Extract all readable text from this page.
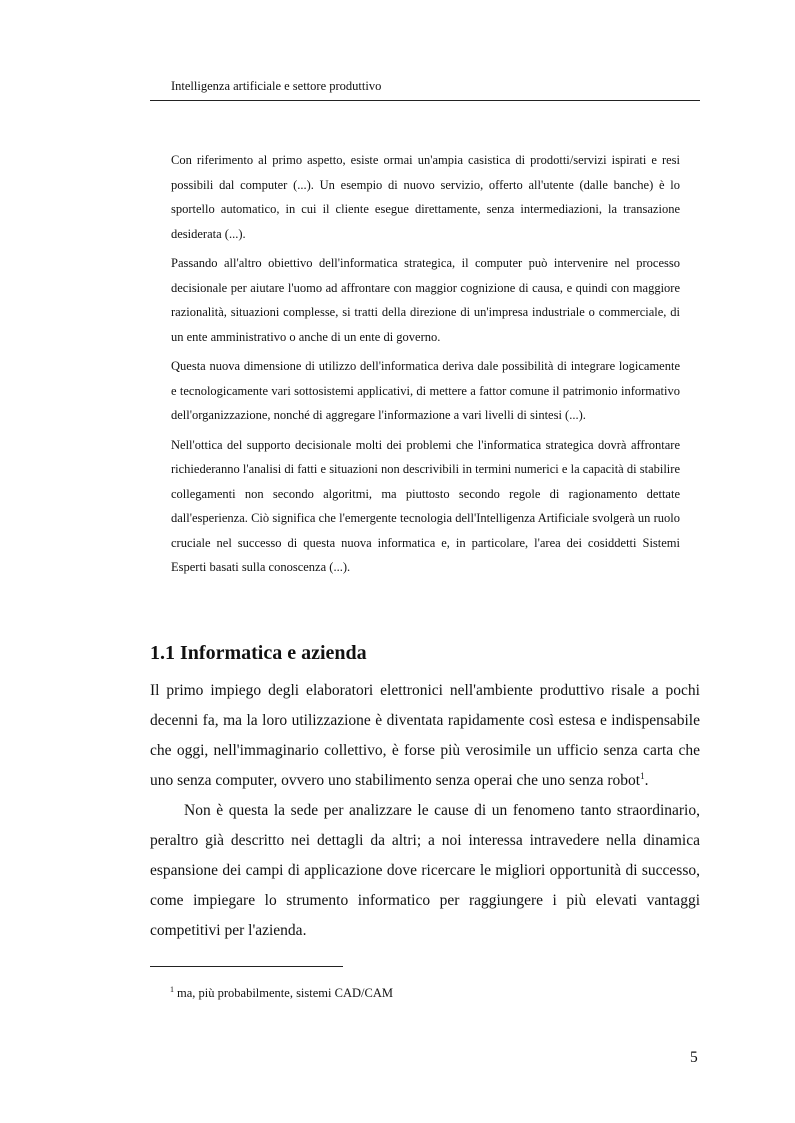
Intelligenza artificiale e settore produttivo

Con riferimento al primo aspetto, esiste ormai un'ampia casistica di prodotti/servizi ispirati e resi possibili dal computer (...). Un esempio di nuovo servizio, offerto all'utente (dalle banche) è lo sportello automatico, in cui il cliente esegue direttamente, senza intermediazioni, la transazione desiderata (...).

Passando all'altro obiettivo dell'informatica strategica, il computer può intervenire nel processo decisionale per aiutare l'uomo ad affrontare con maggior cognizione di causa, e quindi con maggiore razionalità, situazioni complesse, si tratti della direzione di un'impresa industriale o commerciale, di un ente amministrativo o anche di un ente di governo.

Questa nuova dimensione di utilizzo dell'informatica deriva dale possibilità di integrare logicamente e tecnologicamente vari sottosistemi applicativi, di mettere a fattor comune il patrimonio informativo dell'organizzazione, nonché di aggregare l'informazione a vari livelli di sintesi (...).

Nell'ottica del supporto decisionale molti dei problemi che l'informatica strategica dovrà affrontare richiederanno l'analisi di fatti e situazioni non descrivibili in termini numerici e la capacità di stabilire collegamenti non secondo algoritmi, ma piuttosto secondo regole di ragionamento dettate dall'esperienza. Ciò significa che l'emergente tecnologia dell'Intelligenza Artificiale svolgerà un ruolo cruciale nel successo di questa nuova informatica e, in particolare, l'area dei cosiddetti Sistemi Esperti basati sulla conoscenza (...).

1.1 Informatica e azienda

Il primo impiego degli elaboratori elettronici nell'ambiente produttivo risale a pochi decenni fa, ma la loro utilizzazione è diventata rapidamente così estesa e indispensabile che oggi, nell'immaginario collettivo, è forse più verosimile un ufficio senza carta che uno senza computer, ovvero uno stabilimento senza operai che uno senza robot$^1$.

Non è questa la sede per analizzare le cause di un fenomeno tanto straordinario, peraltro già descritto nei dettagli da altri; a noi interessa intravedere nella dinamica espansione dei campi di applicazione dove ricercare le migliori opportunità di successo, come impiegare lo strumento informatico per raggiungere i più elevati vantaggi competitivi per l'azienda.

$^1$ ma, più probabilmente, sistemi CAD/CAM
5
